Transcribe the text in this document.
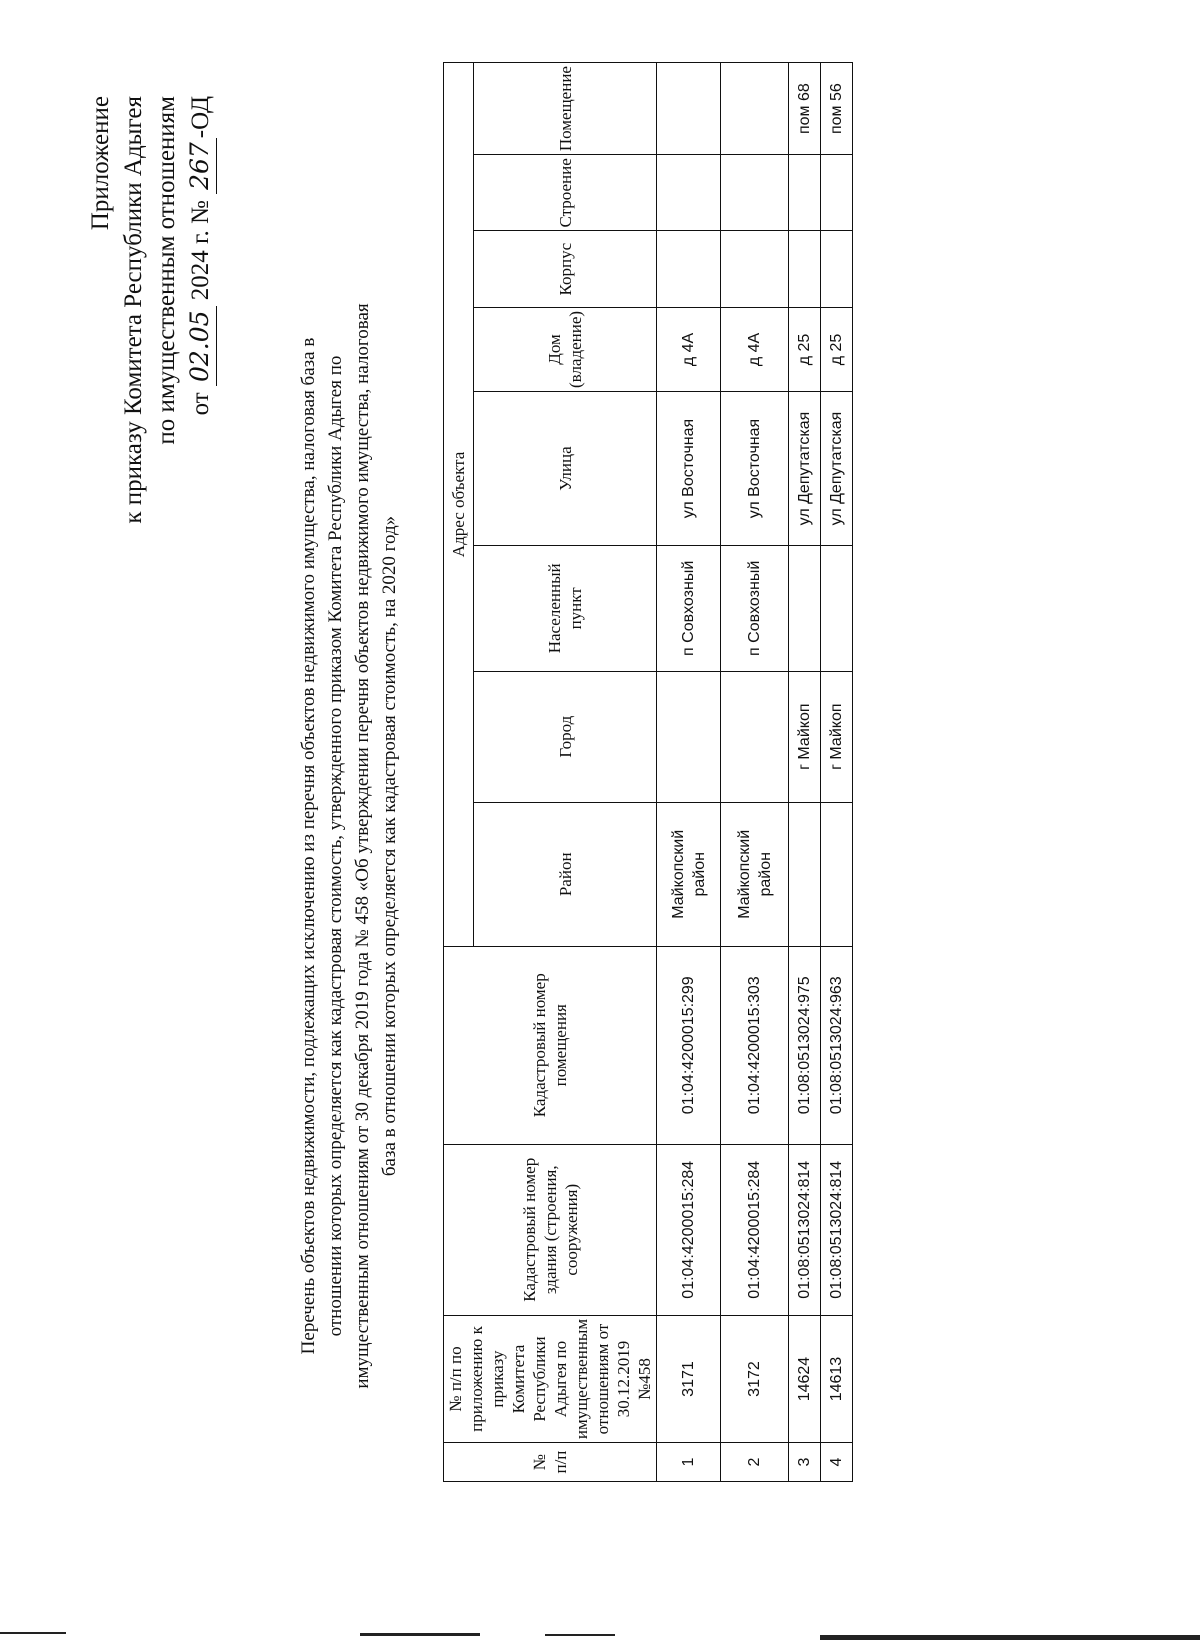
Приложение к приказу Комитета Республики Адыгея по имущественным отношениям от 02.05 2024 г. № 267-ОД
Перечень объектов недвижимости, подлежащих исключению из перечня объектов недвижимого имущества, налоговая база в отношении которых определяется как кадастровая стоимость, утвержденного приказом Комитета Республики Адыгея по имущественным отношениям от 30 декабря 2019 года № 458 «Об утверждении перечня объектов недвижимого имущества, налоговая база в отношении которых определяется как кадастровая стоимость, на 2020 год»
№ п/п	№ п/п по приложению к приказу Комитета Республики Адыгея по имущественным отношениям от 30.12.2019 №458	Кадастровый номер здания (строения, сооружения)	Кадастровый номер помещения	Адрес объекта							
				Район	Город	Населенный пункт	Улица	Дом (владение)	Корпус	Строение	Помещение
1	3171	01:04:4200015:284	01:04:4200015:299	Майкопский район		п Совхозный	ул Восточная	д 4А			
2	3172	01:04:4200015:284	01:04:4200015:303	Майкопский район		п Совхозный	ул Восточная	д 4А			
3	14624	01:08:0513024:814	01:08:0513024:975		г Майкоп		ул Депутатская	д 25			пом 68
4	14613	01:08:0513024:814	01:08:0513024:963		г Майкоп		ул Депутатская	д 25			пом 56
